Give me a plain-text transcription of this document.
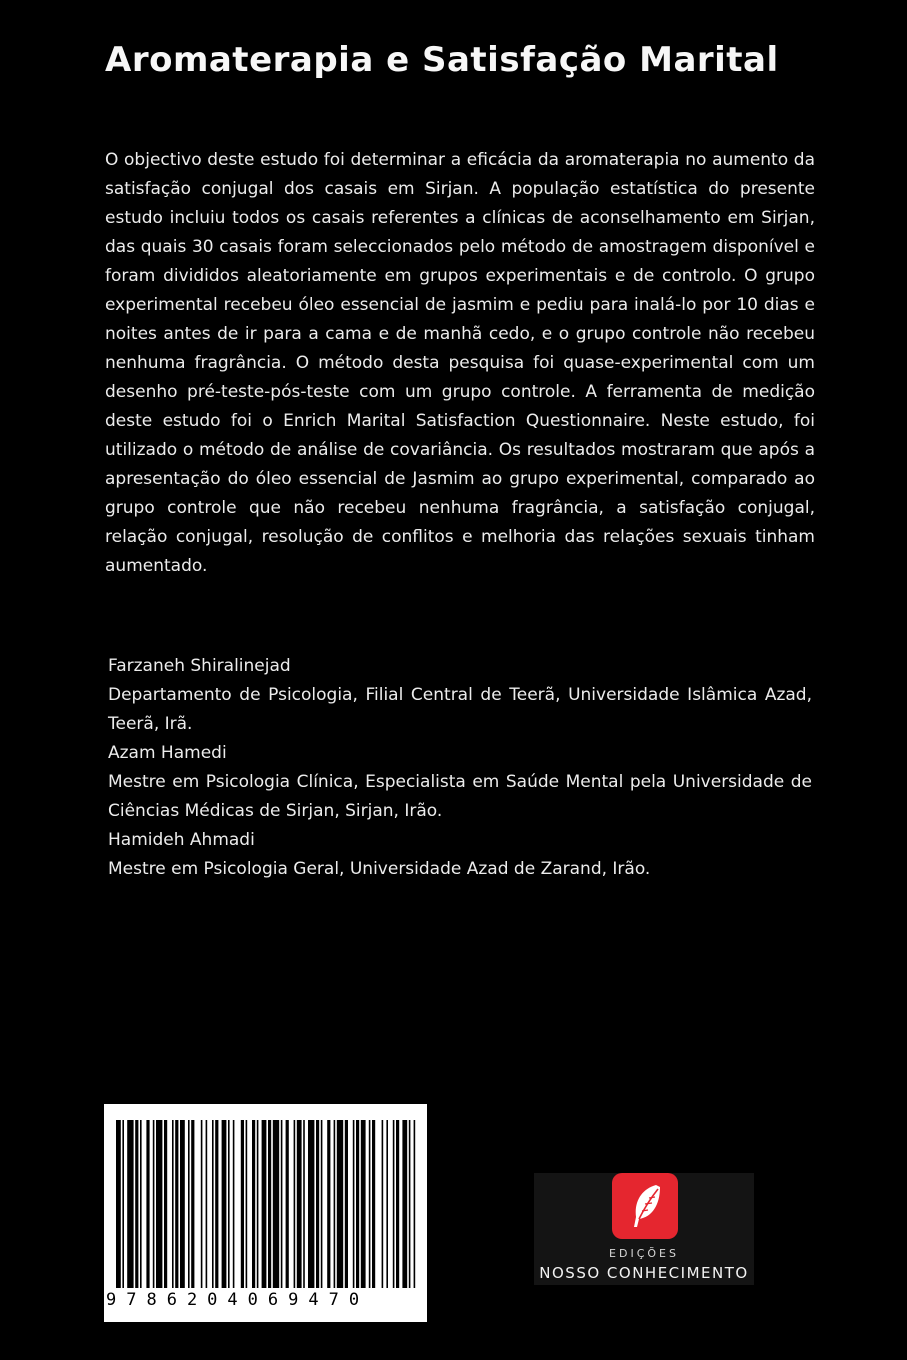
Aromaterapia e Satisfação Marital

O objectivo deste estudo foi determinar a eficácia da aromaterapia no aumento da satisfação conjugal dos casais em Sirjan. A população estatística do presente estudo incluiu todos os casais referentes a clínicas de aconselhamento em Sirjan, das quais 30 casais foram seleccionados pelo método de amostragem disponível e foram divididos aleatoriamente em grupos experimentais e de controlo. O grupo experimental recebeu óleo essencial de jasmim e pediu para inalá-lo por 10 dias e noites antes de ir para a cama e de manhã cedo, e o grupo controle não recebeu nenhuma fragrância. O método desta pesquisa foi quase-experimental com um desenho pré-teste-pós-teste com um grupo controle. A ferramenta de medição deste estudo foi o Enrich Marital Satisfaction Questionnaire. Neste estudo, foi utilizado o método de análise de covariância. Os resultados mostraram que após a apresentação do óleo essencial de Jasmim ao grupo experimental, comparado ao grupo controle que não recebeu nenhuma fragrância, a satisfação conjugal, relação conjugal, resolução de conflitos e melhoria das relações sexuais tinham aumentado.

Farzaneh Shiralinejad
Departamento de Psicologia, Filial Central de Teerã, Universidade Islâmica Azad, Teerã, Irã.
Azam Hamedi
Mestre em Psicologia Clínica, Especialista em Saúde Mental pela Universidade de Ciências Médicas de Sirjan, Sirjan, Irão.
Hamideh Ahmadi
Mestre em Psicologia Geral, Universidade Azad de Zarand, Irão.
9786204069470
EDIÇÕES
NOSSO CONHECIMENTO
